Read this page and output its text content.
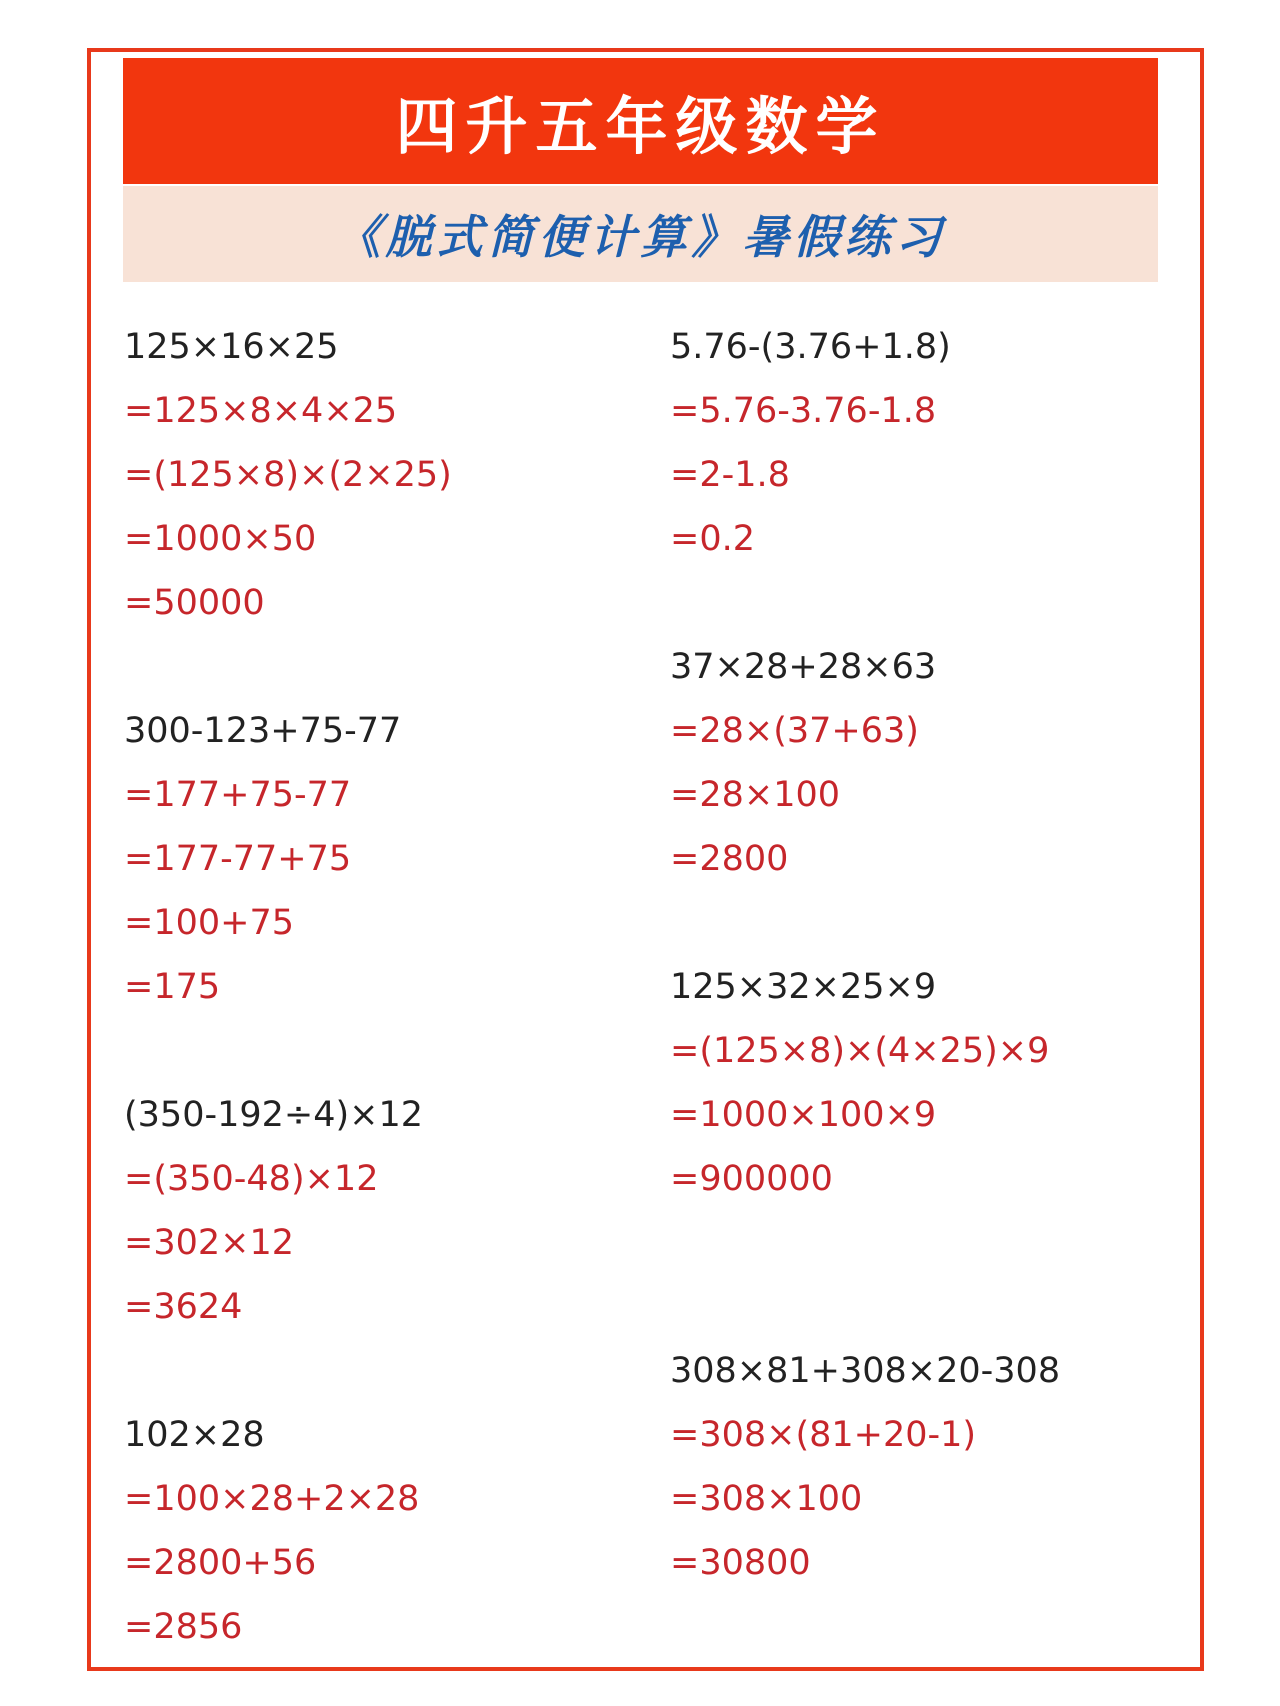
四升五年级数学
《脱式简便计算》暑假练习
125×16×25
=125×8×4×25
=(125×8)×(2×25)
=1000×50
=50000
300-123+75-77
=177+75-77
=177-77+75
=100+75
=175
(350-192÷4)×12
=(350-48)×12
=302×12
=3624
102×28
=100×28+2×28
=2800+56
=2856
5.76-(3.76+1.8)
=5.76-3.76-1.8
=2-1.8
=0.2
37×28+28×63
=28×(37+63)
=28×100
=2800
125×32×25×9
=(125×8)×(4×25)×9
=1000×100×9
=900000
308×81+308×20-308
=308×(81+20-1)
=308×100
=30800
